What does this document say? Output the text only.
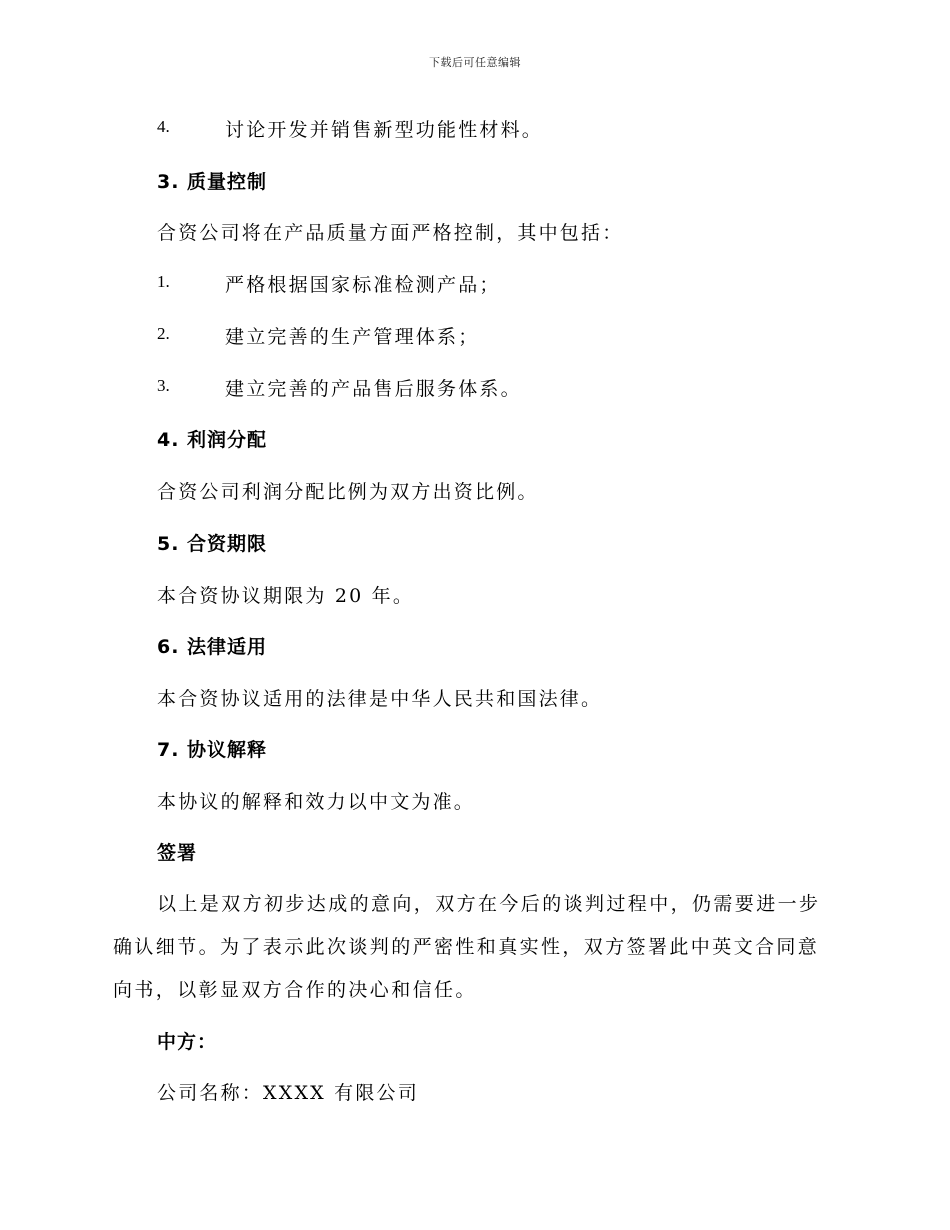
下载后可任意编辑
4.	讨论开发并销售新型功能性材料。
3. 质量控制
合资公司将在产品质量方面严格控制，其中包括：
1.	严格根据国家标准检测产品；
2.	建立完善的生产管理体系；
3.	建立完善的产品售后服务体系。
4. 利润分配
合资公司利润分配比例为双方出资比例。
5. 合资期限
本合资协议期限为 20 年。
6. 法律适用
本合资协议适用的法律是中华人民共和国法律。
7. 协议解释
本协议的解释和效力以中文为准。
签署
以上是双方初步达成的意向，双方在今后的谈判过程中，仍需要进一步
确认细节。为了表示此次谈判的严密性和真实性，双方签署此中英文合同意
向书，以彰显双方合作的决心和信任。
中方：
公司名称：XXXX 有限公司
